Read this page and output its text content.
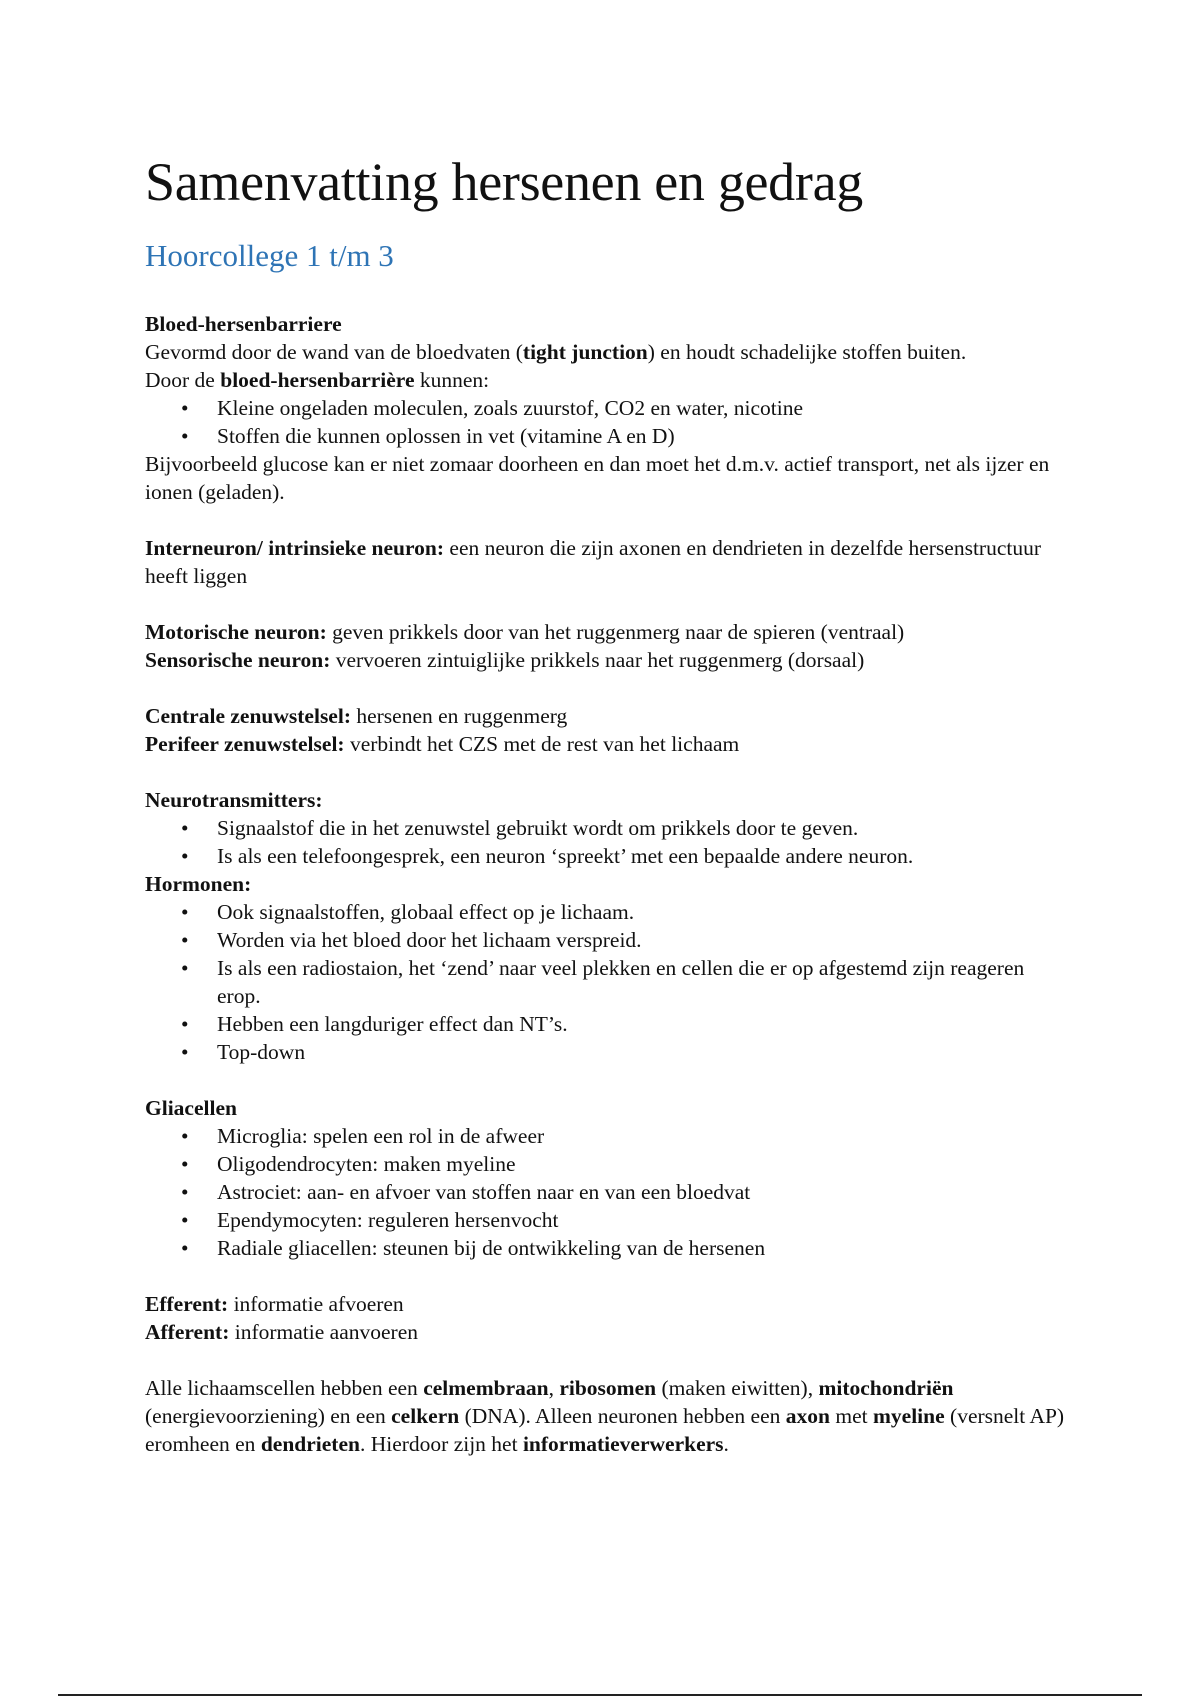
Samenvatting hersenen en gedrag
Hoorcollege 1 t/m 3

Bloed-hersenbarriere

Gevormd door de wand van de bloedvaten (tight junction) en houdt schadelijke stoffen buiten.

Door de bloed-hersenbarrière kunnen:

• Kleine ongeladen moleculen, zoals zuurstof, CO2 en water, nicotine
• Stoffen die kunnen oplossen in vet (vitamine A en D)

Bijvoorbeeld glucose kan er niet zomaar doorheen en dan moet het d.m.v. actief transport, net als ijzer en ionen (geladen).

Interneuron/ intrinsieke neuron: een neuron die zijn axonen en dendrieten in dezelfde hersenstructuur heeft liggen

Motorische neuron: geven prikkels door van het ruggenmerg naar de spieren (ventraal)

Sensorische neuron: vervoeren zintuiglijke prikkels naar het ruggenmerg (dorsaal)

Centrale zenuwstelsel: hersenen en ruggenmerg

Perifeer zenuwstelsel: verbindt het CZS met de rest van het lichaam

Neurotransmitters:

• Signaalstof die in het zenuwstel gebruikt wordt om prikkels door te geven.
• Is als een telefoongesprek, een neuron ‘spreekt’ met een bepaalde andere neuron.

Hormonen:

• Ook signaalstoffen, globaal effect op je lichaam.
• Worden via het bloed door het lichaam verspreid.
• Is als een radiostaion, het ‘zend’ naar veel plekken en cellen die er op afgestemd zijn reageren erop.
• Hebben een langduriger effect dan NT’s.
• Top-down

Gliacellen

• Microglia: spelen een rol in de afweer
• Oligodendrocyten: maken myeline
• Astrociet: aan- en afvoer van stoffen naar en van een bloedvat
• Ependymocyten: reguleren hersenvocht
• Radiale gliacellen: steunen bij de ontwikkeling van de hersenen

Efferent: informatie afvoeren

Afferent: informatie aanvoeren

Alle lichaamscellen hebben een celmembraan, ribosomen (maken eiwitten), mitochondriën (energievoorziening) en een celkern (DNA). Alleen neuronen hebben een axon met myeline (versnelt AP) eromheen en dendrieten. Hierdoor zijn het informatieverwerkers.
